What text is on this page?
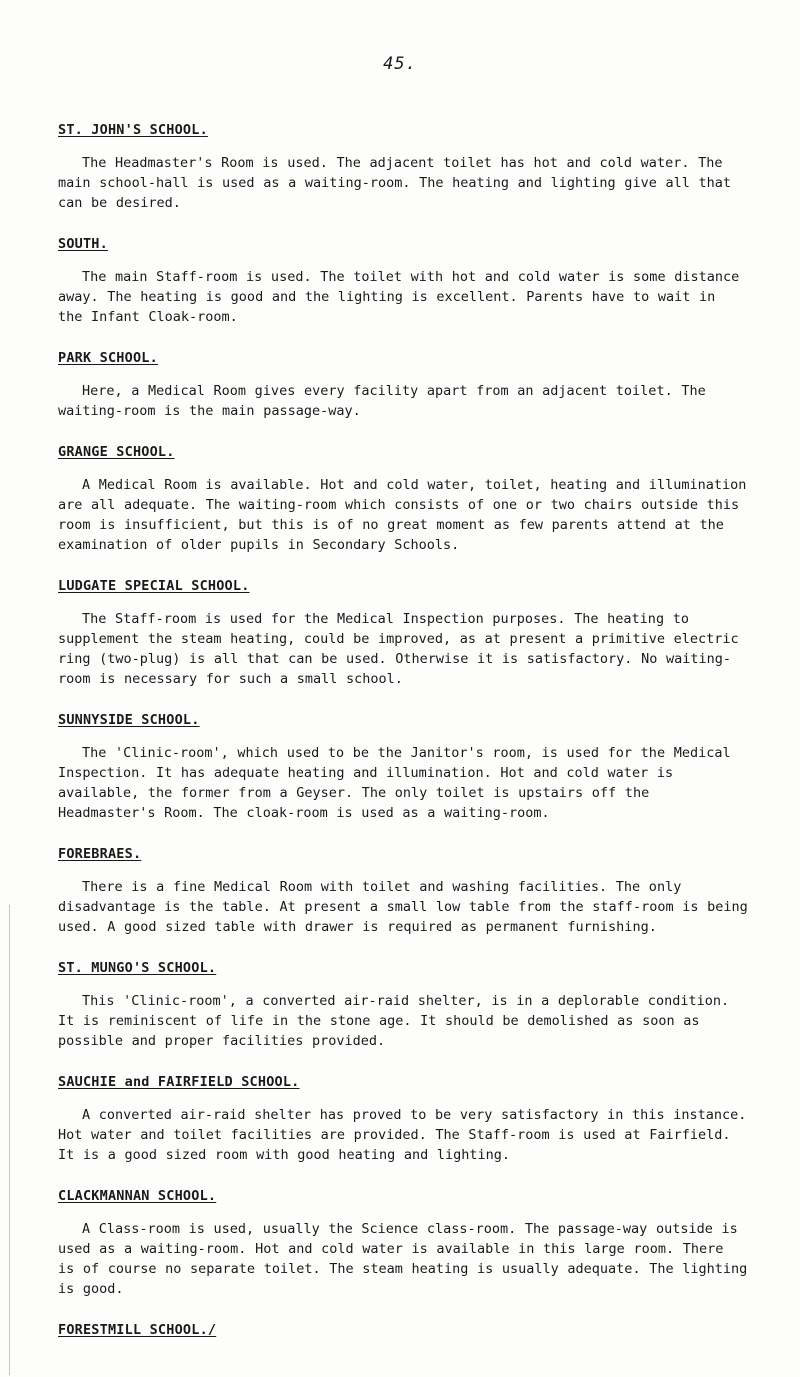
45.
ST. JOHN'S SCHOOL.

The Headmaster's Room is used. The adjacent toilet has hot and cold water. The main school-hall is used as a waiting-room. The heating and lighting give all that can be desired.

SOUTH.

The main Staff-room is used. The toilet with hot and cold water is some distance away. The heating is good and the lighting is excellent. Parents have to wait in the Infant Cloak-room.

PARK SCHOOL.

Here, a Medical Room gives every facility apart from an adjacent toilet. The waiting-room is the main passage-way.

GRANGE SCHOOL.

A Medical Room is available. Hot and cold water, toilet, heating and illumination are all adequate. The waiting-room which consists of one or two chairs outside this room is insufficient, but this is of no great moment as few parents attend at the examination of older pupils in Secondary Schools.

LUDGATE SPECIAL SCHOOL.

The Staff-room is used for the Medical Inspection purposes. The heating to supplement the steam heating, could be improved, as at present a primitive electric ring (two-plug) is all that can be used. Otherwise it is satisfactory. No waiting-room is necessary for such a small school.

SUNNYSIDE SCHOOL.

The 'Clinic-room', which used to be the Janitor's room, is used for the Medical Inspection. It has adequate heating and illumination. Hot and cold water is available, the former from a Geyser. The only toilet is upstairs off the Headmaster's Room. The cloak-room is used as a waiting-room.

FOREBRAES.

There is a fine Medical Room with toilet and washing facilities. The only disadvantage is the table. At present a small low table from the staff-room is being used. A good sized table with drawer is required as permanent furnishing.

ST. MUNGO'S SCHOOL.

This 'Clinic-room', a converted air-raid shelter, is in a deplorable condition. It is reminiscent of life in the stone age. It should be demolished as soon as possible and proper facilities provided.

SAUCHIE and FAIRFIELD SCHOOL.

A converted air-raid shelter has proved to be very satisfactory in this instance. Hot water and toilet facilities are provided. The Staff-room is used at Fairfield. It is a good sized room with good heating and lighting.

CLACKMANNAN SCHOOL.

A Class-room is used, usually the Science class-room. The passage-way outside is used as a waiting-room. Hot and cold water is available in this large room. There is of course no separate toilet. The steam heating is usually adequate. The lighting is good.

FORESTMILL SCHOOL./
